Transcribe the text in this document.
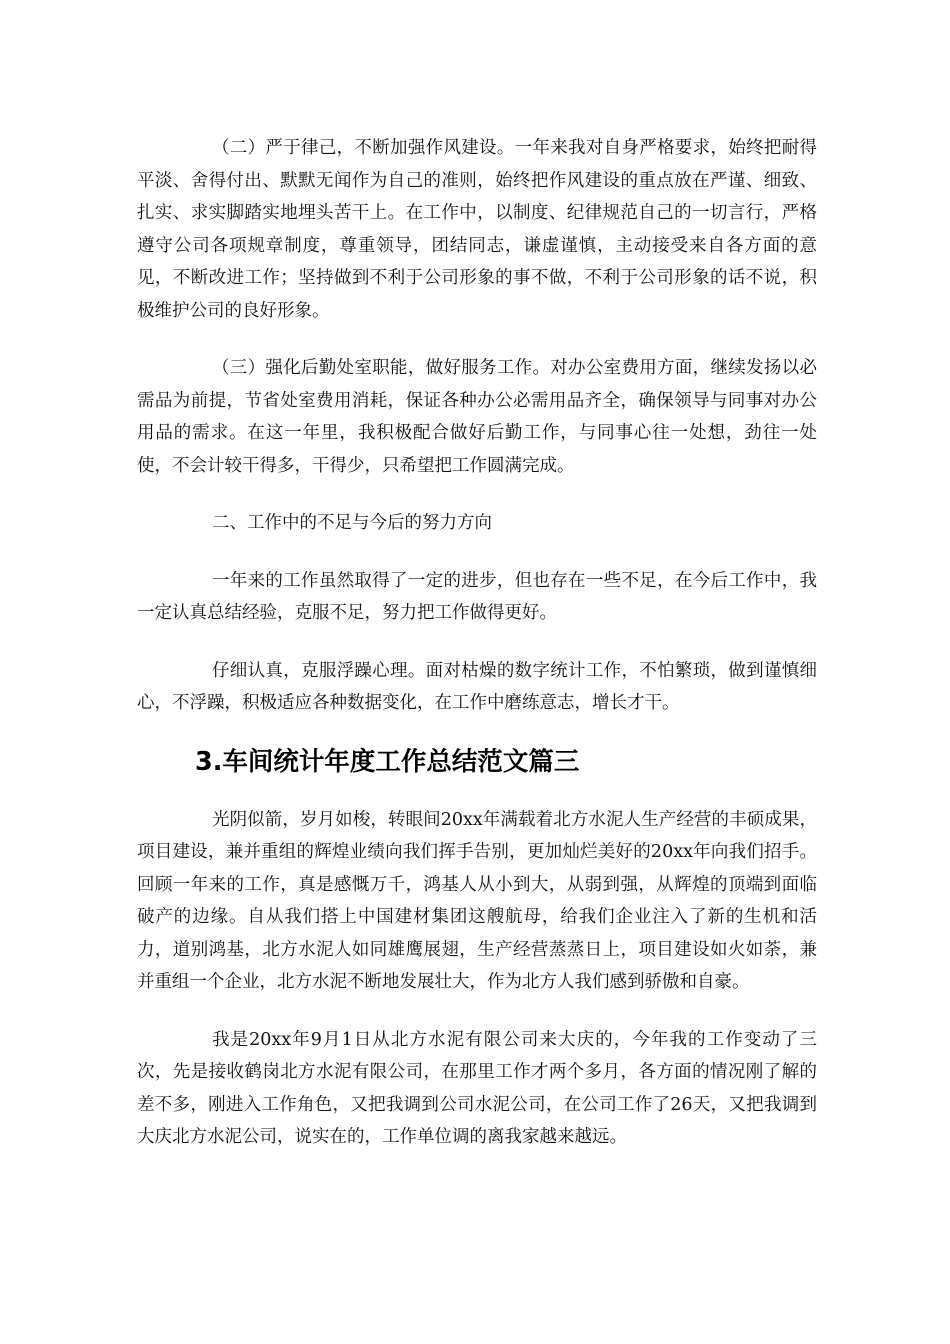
（二）严于律己，不断加强作风建设。一年来我对自身严格要求，始终把耐得平淡、舍得付出、默默无闻作为自己的准则，始终把作风建设的重点放在严谨、细致、扎实、求实脚踏实地埋头苦干上。在工作中，以制度、纪律规范自己的一切言行，严格遵守公司各项规章制度，尊重领导，团结同志，谦虚谨慎，主动接受来自各方面的意见，不断改进工作；坚持做到不利于公司形象的事不做，不利于公司形象的话不说，积极维护公司的良好形象。

（三）强化后勤处室职能，做好服务工作。对办公室费用方面，继续发扬以必需品为前提，节省处室费用消耗，保证各种办公必需用品齐全，确保领导与同事对办公用品的需求。在这一年里，我积极配合做好后勤工作，与同事心往一处想，劲往一处使，不会计较干得多，干得少，只希望把工作圆满完成。

二、工作中的不足与今后的努力方向

一年来的工作虽然取得了一定的进步，但也存在一些不足，在今后工作中，我一定认真总结经验，克服不足，努力把工作做得更好。

仔细认真，克服浮躁心理。面对枯燥的数字统计工作，不怕繁琐，做到谨慎细心，不浮躁，积极适应各种数据变化，在工作中磨练意志，增长才干。

3.车间统计年度工作总结范文篇三

光阴似箭，岁月如梭，转眼间20xx年满载着北方水泥人生产经营的丰硕成果，项目建设，兼并重组的辉煌业绩向我们挥手告别，更加灿烂美好的20xx年向我们招手。回顾一年来的工作，真是感慨万千，鸿基人从小到大，从弱到强，从辉煌的顶端到面临破产的边缘。自从我们搭上中国建材集团这艘航母，给我们企业注入了新的生机和活力，道别鸿基，北方水泥人如同雄鹰展翅，生产经营蒸蒸日上，项目建设如火如荼，兼并重组一个企业，北方水泥不断地发展壮大，作为北方人我们感到骄傲和自豪。

我是20xx年9月1日从北方水泥有限公司来大庆的，今年我的工作变动了三次，先是接收鹤岗北方水泥有限公司，在那里工作才两个多月，各方面的情况刚了解的差不多，刚进入工作角色，又把我调到公司水泥公司，在公司工作了26天，又把我调到大庆北方水泥公司，说实在的，工作单位调的离我家越来越远。
